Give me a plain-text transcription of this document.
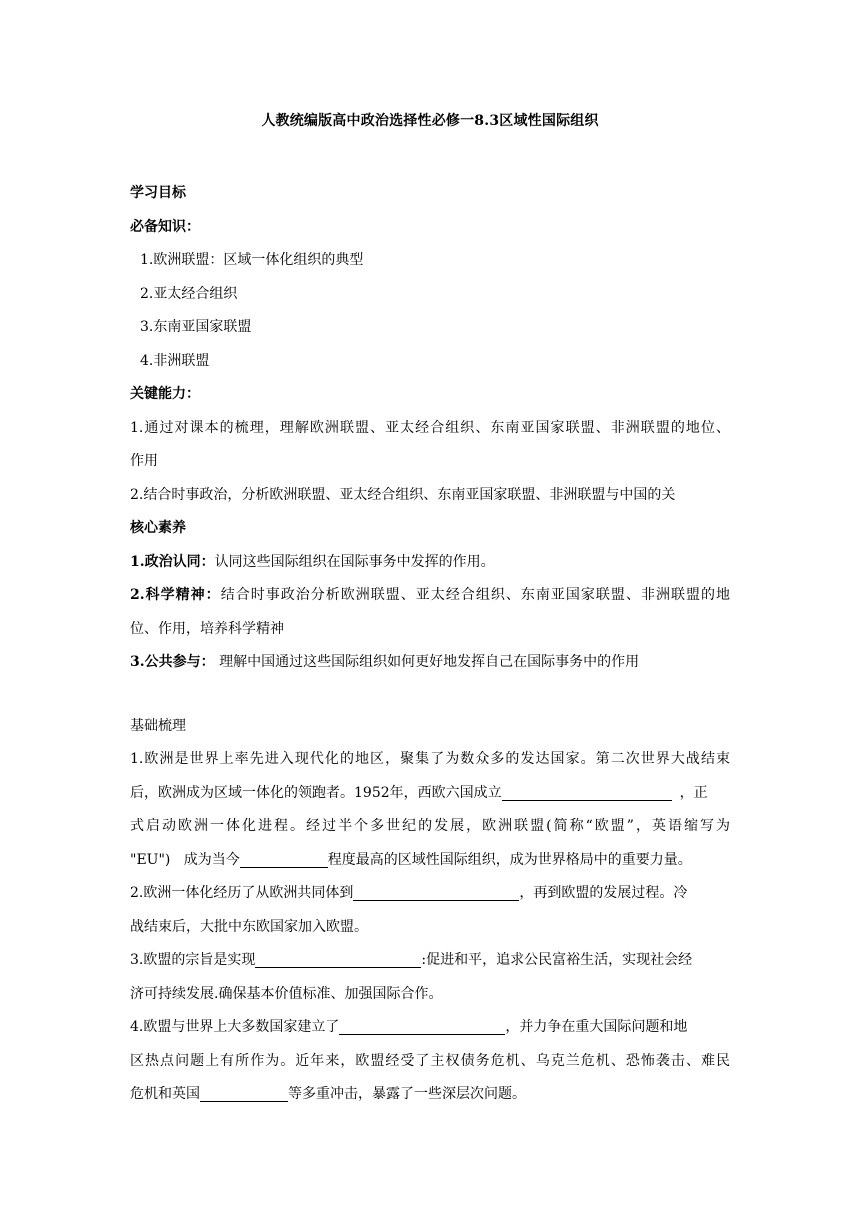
人教统编版高中政治选择性必修一8.3区域性国际组织
学习目标
必备知识：
1.欧洲联盟：区域一体化组织的典型
2.亚太经合组织
3.东南亚国家联盟
4.非洲联盟
关键能力：
1.通过对课本的梳理，理解欧洲联盟、亚太经合组织、东南亚国家联盟、非洲联盟的地位、
作用
2.结合时事政治，分析欧洲联盟、亚太经合组织、东南亚国家联盟、非洲联盟与中国的关
核心素养
1.政治认同：认同这些国际组织在国际事务中发挥的作用。
2.科学精神：结合时事政治分析欧洲联盟、亚太经合组织、东南亚国家联盟、非洲联盟的地
位、作用，培养科学精神
3.公共参与： 理解中国通过这些国际组织如何更好地发挥自己在国际事务中的作用
基础梳理
1.欧洲是世界上率先进入现代化的地区，聚集了为数众多的发达国家。第二次世界大战结束
后，欧洲成为区域一体化的领跑者。1952年，西欧六国成立	，正
式启动欧洲一体化进程。经过半个多世纪的发展，欧洲联盟(简称“欧盟”，英语缩写为
"EU")   成为当今	程度最高的区域性国际组织，成为世界格局中的重要力量。
2.欧洲一体化经历了从欧洲共同体到	，再到欧盟的发展过程。冷
战结束后，大批中东欧国家加入欧盟。
3.欧盟的宗旨是实现	:促进和平，追求公民富裕生活，实现社会经
济可持续发展.确保基本价值标准、加强国际合作。
4.欧盟与世界上大多数国家建立了	，并力争在重大国际问题和地
区热点问题上有所作为。近年来，欧盟经受了主权债务危机、乌克兰危机、恐怖袭击、难民
危机和英国	等多重冲击，暴露了一些深层次问题。
